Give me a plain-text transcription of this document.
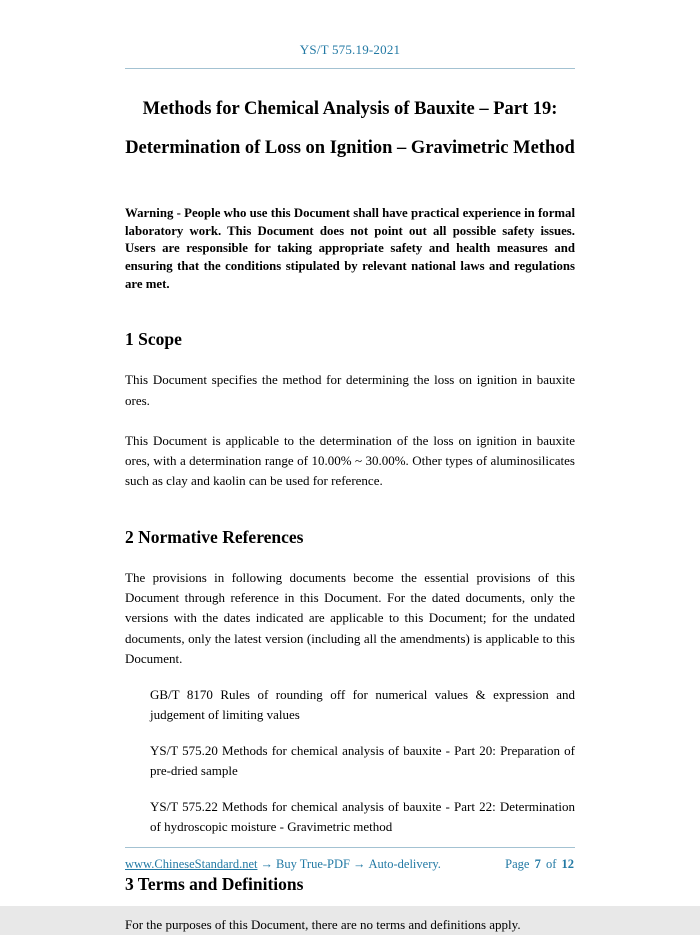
YS/T 575.19-2021
Methods for Chemical Analysis of Bauxite – Part 19:
Determination of Loss on Ignition – Gravimetric Method

Warning - People who use this Document shall have practical experience in formal laboratory work. This Document does not point out all possible safety issues. Users are responsible for taking appropriate safety and health measures and ensuring that the conditions stipulated by relevant national laws and regulations are met.

1 Scope

This Document specifies the method for determining the loss on ignition in bauxite ores.

This Document is applicable to the determination of the loss on ignition in bauxite ores, with a determination range of 10.00% ~ 30.00%. Other types of aluminosilicates such as clay and kaolin can be used for reference.

2 Normative References

The provisions in following documents become the essential provisions of this Document through reference in this Document. For the dated documents, only the versions with the dates indicated are applicable to this Document; for the undated documents, only the latest version (including all the amendments) is applicable to this Document.

GB/T 8170 Rules of rounding off for numerical values & expression and judgement of limiting values

YS/T 575.20 Methods for chemical analysis of bauxite - Part 20: Preparation of pre-dried sample

YS/T 575.22 Methods for chemical analysis of bauxite - Part 22: Determination of hydroscopic moisture - Gravimetric method

3 Terms and Definitions

For the purposes of this Document, there are no terms and definitions apply.

www.ChineseStandard.net → Buy True-PDF → Auto-delivery.	Page 7 of 12
